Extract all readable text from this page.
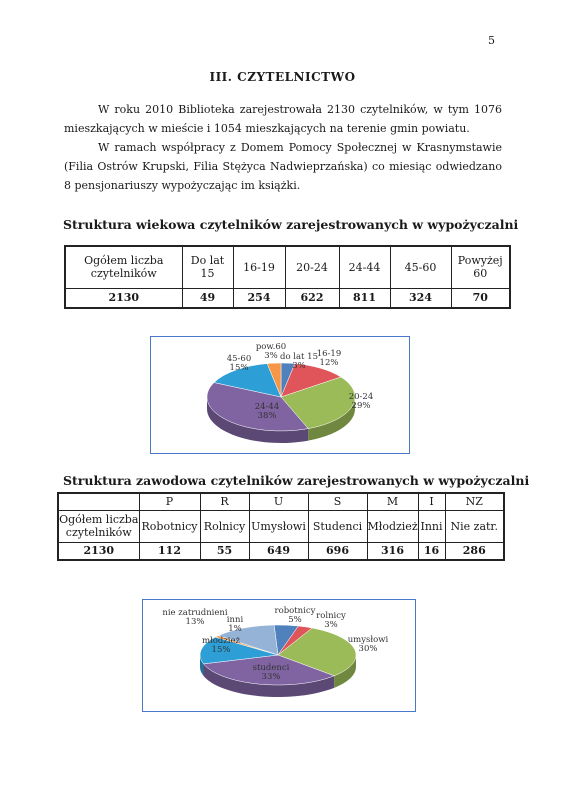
5
III. CZYTELNICTWO

W roku 2010 Biblioteka zarejestrowała 2130 czytelników, w tym 1076 mieszkających w mieście i 1054 mieszkających na terenie gmin powiatu.

W ramach współpracy z Domem Pomocy Społecznej w Krasnymstawie (Filia Ostrów Krupski, Filia Stężyca Nadwieprzańska) co miesiąc odwiedzano 8 pensjonariuszy wypożyczając im książki.

Struktura wiekowa czytelników zarejestrowanych w wypożyczalni
Ogółem liczba czytelników	Do lat 15	16-19	20-24	24-44	45-60	Powyżej 60
2130	49	254	622	811	324	70
do lat 15
3%
16-19
12%
20-24
29%
24-44
38%
45-60
15%
pow.60
3%
Struktura zawodowa czytelników zarejestrowanych w wypożyczalni
	P	R	U	S	M	I	NZ
Ogółem liczba czytelników	Robotnicy	Rolnicy	Umysłowi	Studenci	Młodzież	Inni	Nie zatr.
2130	112	55	649	696	316	16	286
robotnicy
5% rolnicy
3%
umysłowi
30%
studenci
33%
młodzież
15%
inni
1%
nie zatrudnieni
13%
